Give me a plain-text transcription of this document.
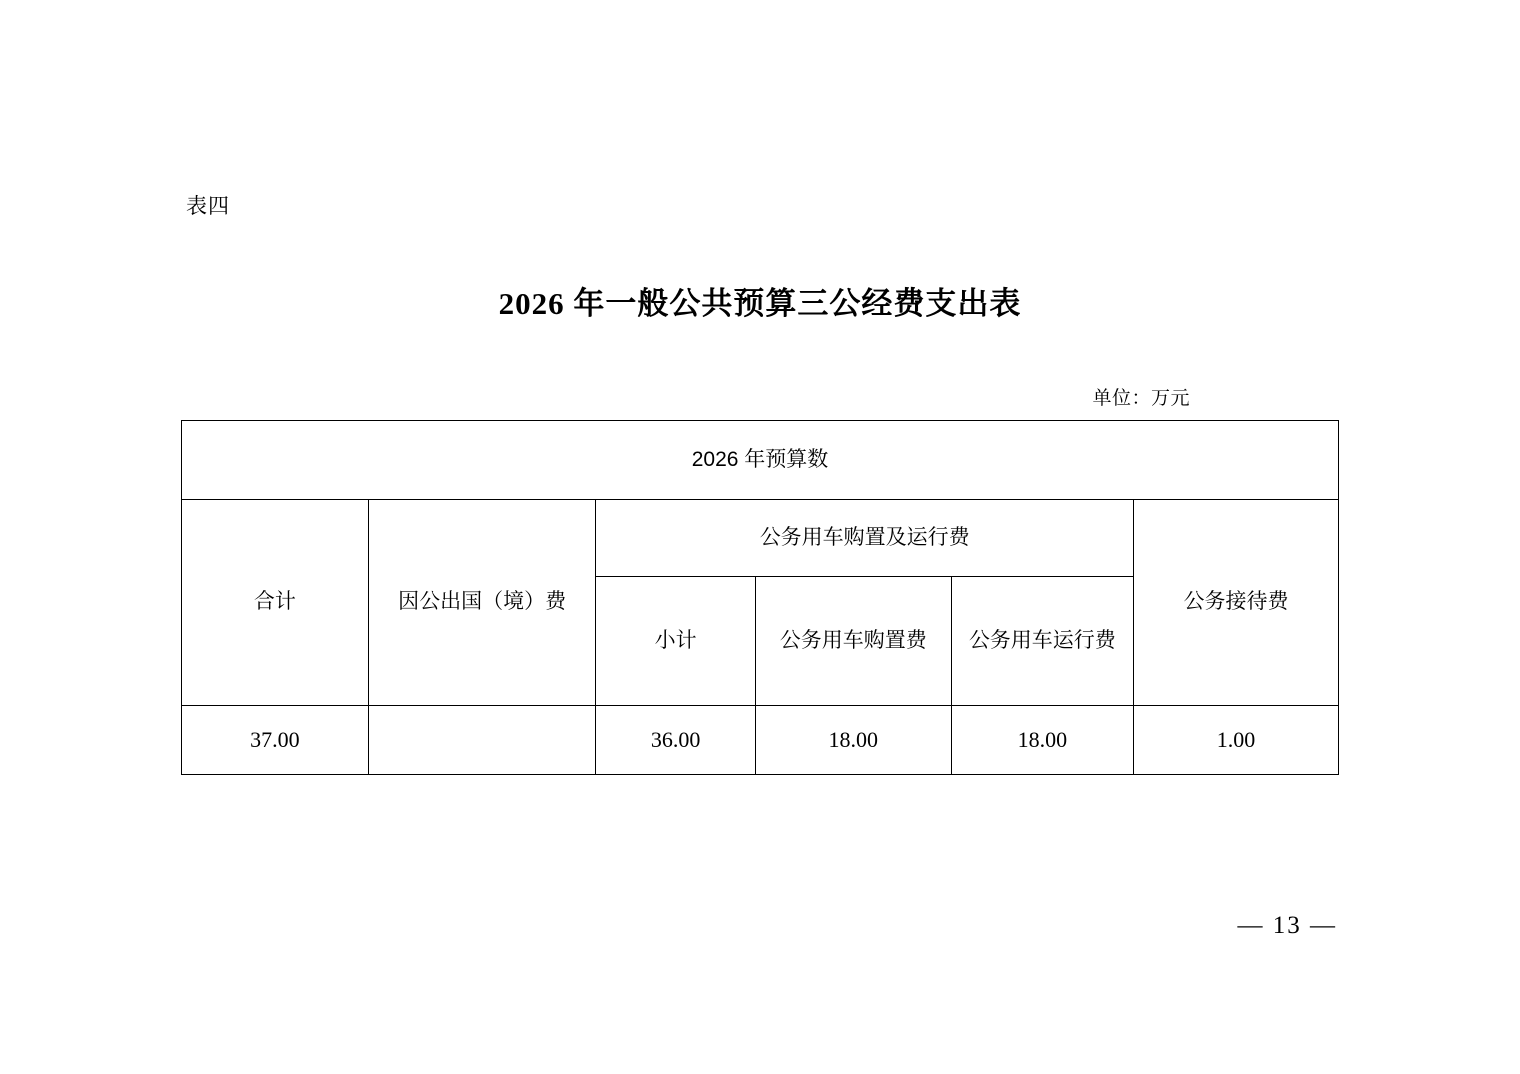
表四
2026 年一般公共预算三公经费支出表
单位：万元
2026 年预算数					
合计	因公出国（境）费	公务用车购置及运行费			公务接待费
		小计	公务用车购置费	公务用车运行费	
37.00		36.00	18.00	18.00	1.00
— 13 —
